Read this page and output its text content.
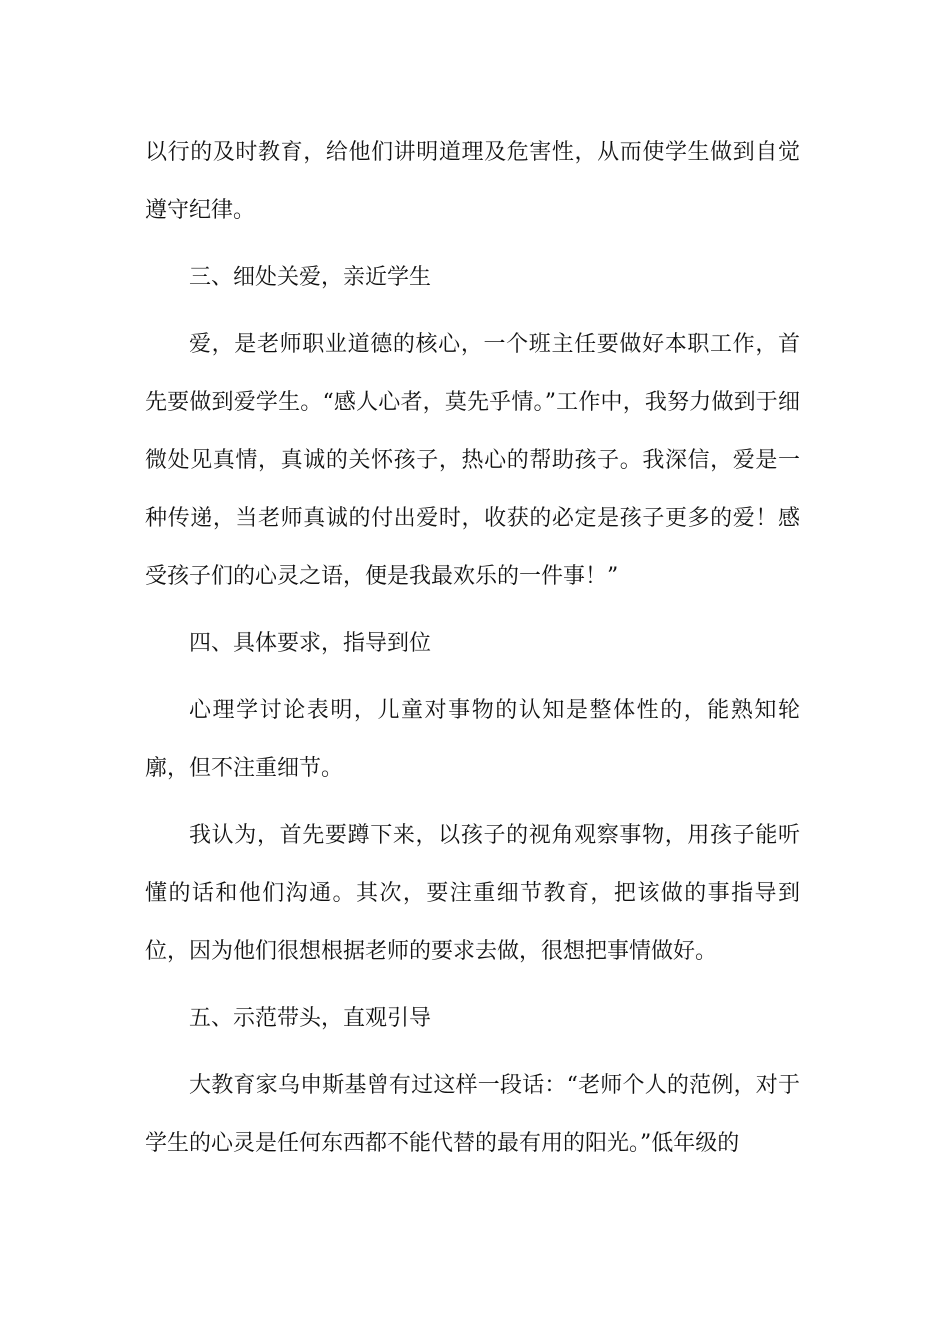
以行的及时教育，给他们讲明道理及危害性，从而使学生做到自觉遵守纪律。

三、细处关爱，亲近学生

爱，是老师职业道德的核心，一个班主任要做好本职工作，首先要做到爱学生。“感人心者，莫先乎情。”工作中，我努力做到于细微处见真情，真诚的关怀孩子，热心的帮助孩子。我深信，爱是一种传递，当老师真诚的付出爱时，收获的必定是孩子更多的爱！感受孩子们的心灵之语，便是我最欢乐的一件事！”

四、具体要求，指导到位

心理学讨论表明，儿童对事物的认知是整体性的，能熟知轮廓，但不注重细节。

我认为，首先要蹲下来，以孩子的视角观察事物，用孩子能听懂的话和他们沟通。其次，要注重细节教育，把该做的事指导到位，因为他们很想根据老师的要求去做，很想把事情做好。

五、示范带头，直观引导

大教育家乌申斯基曾有过这样一段话：“老师个人的范例，对于学生的心灵是任何东西都不能代替的最有用的阳光。”低年级的
